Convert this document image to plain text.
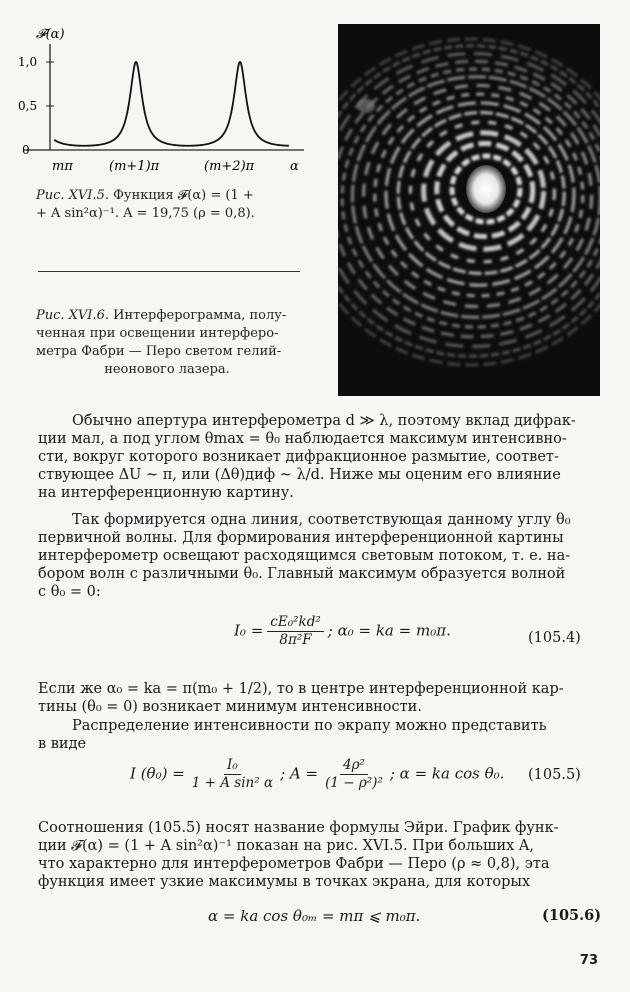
𝓕(α)
1,0
0,5
0
mπ	(m+1)π	(m+2)π	α
Рис. XVI.5. Функция 𝓕(α) = (1 +
+ A sin²α)⁻¹. A = 19,75 (ρ = 0,8).
Рис. XVI.6. Интерферограмма, полу-
ченная при освещении интерферо-
метра Фабри — Перо светом гелий-
неонового лазера.
Обычно апертура интерферометра d ≫ λ, поэтому вклад дифрак-
ции мал, а под углом θmax = θ₀ наблюдается максимум интенсивно-
сти, вокруг которого возникает дифракционное размытие, соответ-
ствующее ΔU ~ π, или (Δθ)диф ~ λ/d. Ниже мы оценим его влияние
на интерференционную картину.
Так формируется одна линия, соответствующая данному углу θ₀
первичной волны. Для формирования интерференционной картины
интерферометр освещают расходящимся световым потоком, т. е. на-
бором волн с различными θ₀. Главный максимум образуется волной
с θ₀ = 0:
$I_0 = \frac{\text{cE₀²kd²}}{\text{8π²F}}$ ; α₀ = ka = m₀π.	(105.4)
Если же α₀ = ka = π(m₀ + 1/2), то в центре интерференционной кар-
тины (θ₀ = 0) возникает минимум интенсивности.
Распределение интенсивности по экрапу можно представить
в виде
I $(\theta_0) = \frac{\text{I₀}}{\text{1 + A sin² α}}$ ; $A = \frac{\text{4ρ²}}{\text{(1 − ρ²)²}}$ ; α = ka cos θ₀. (105.5)
Соотношения (105.5) носят название формулы Эйри. График функ-
ции 𝓕(α) = (1 + A sin²α)⁻¹ показан на рис. XVI.5. При больших A,
что характерно для интерферометров Фабри — Перо (ρ ≈ 0,8), эта
функция имеет узкие максимумы в точках экрана, для которых
α = ka cos θ₀ₘ = mπ ⩽ m₀π.	(105.6)
73
